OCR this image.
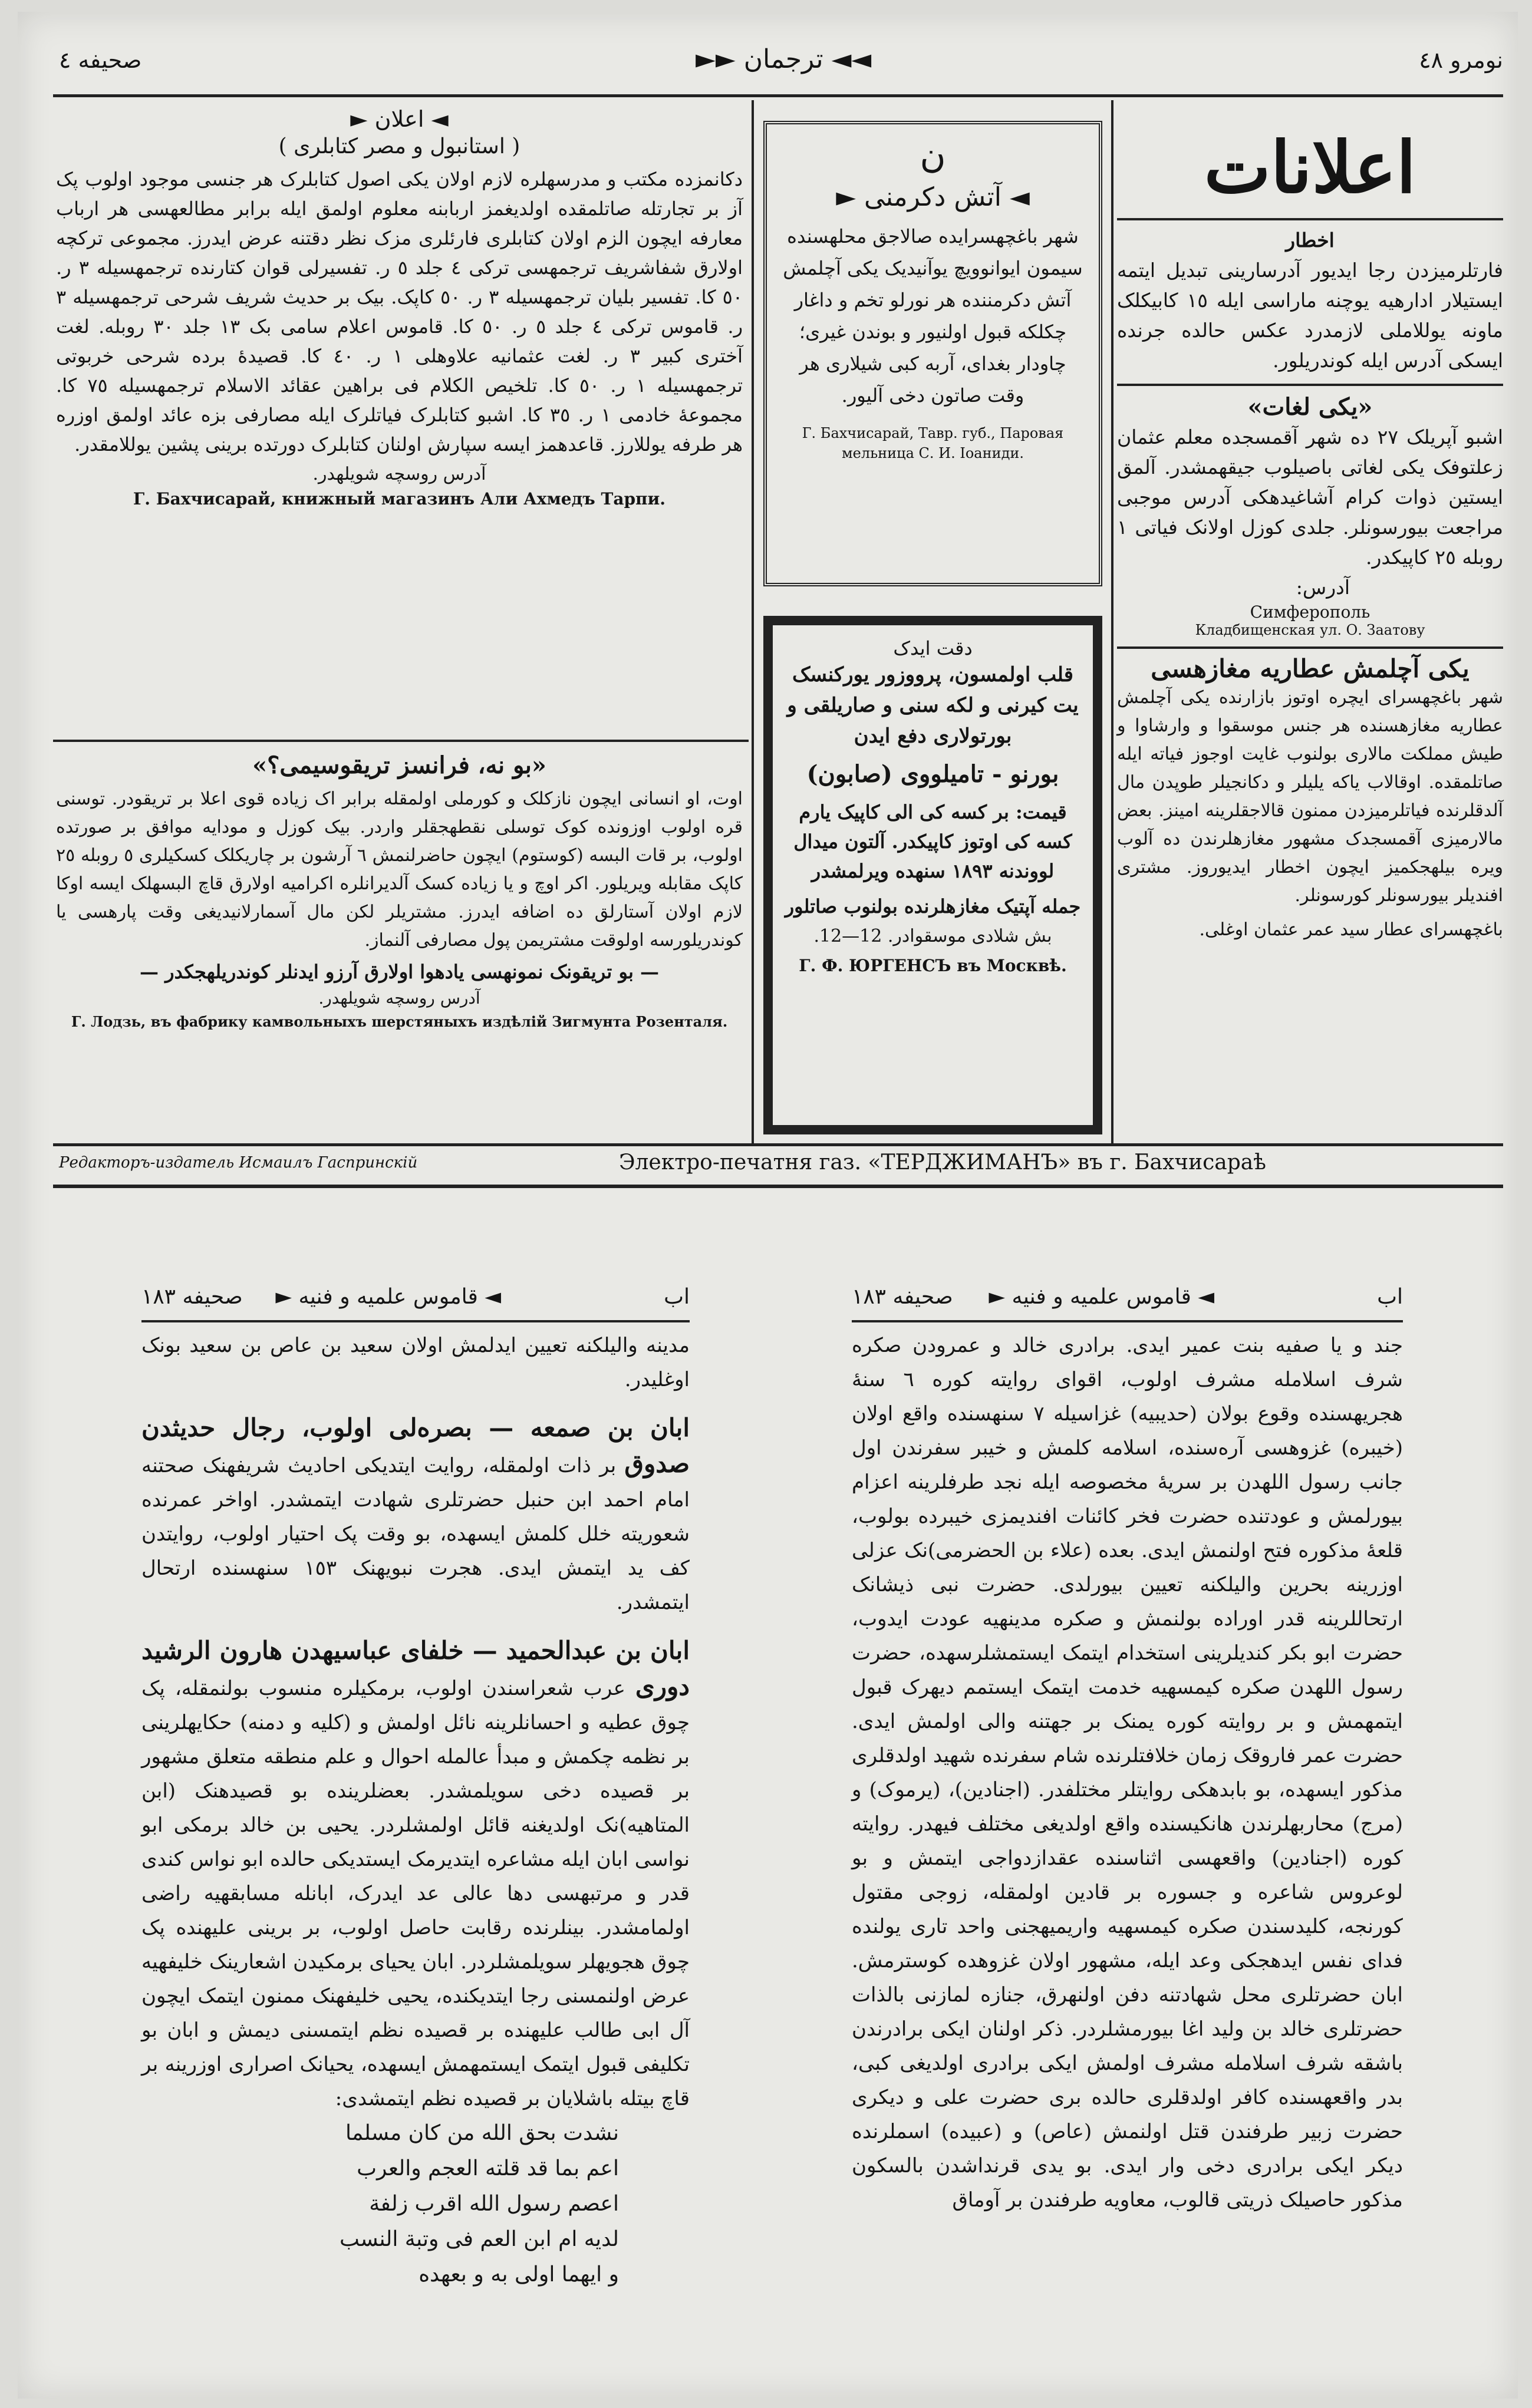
صحیفه ٤	◄◄ ترجمان ►►	نومرو ٤٨
اعلانات
اخطار
فارتلرمیزدن رجا ایدیور آدرسارینی تبدیل ایتمه ایستیلار ادارهیه یوچنه ماراسی ایله ١٥ کابیکلک ماونه یوللاملی لازمدرد عکس حالده جرنده ایسکی آدرس ایله کوندریلور.
«یکی لغات»
اشبو آپریلک ٢٧ ده شهر آقمسجده معلم عثمان زعلتوفک یکی لغاتی باصیلوب جیقهمشدر. آلمق ایستین ذوات کرام آشاغیدهکی آدرس موجبی مراجعت بیورسونلر. جلدی کوزل اولانک فیاتی ١ روبله ٢٥ کاپیکدر.
آدرس:
Симферополь
Кладбищенская ул. О. Заатову
یکی آچلمش عطاریه مغازهسی
شهر باغچهسرای ایچره اوتوز بازارنده یکی آچلمش عطاریه مغازهسنده هر جنس موسقوا و وارشاوا و طیش مملکت مالاری بولنوب غایت اوجوز فیاته ایله صاتلمقده. اوقالاب یاکه یلیلر و دکانجیلر طوپدن مال آلدقلرنده فیاتلرمیزدن ممنون قالاجقلرینه امینز. بعض مالارمیزی آقمسجدک مشهور مغازهلرندن ده آلوب ویره بیلهجکمیز ایچون اخطار ایدیوروز. مشتری افندیلر بیورسونلر کورسونلر.
باغچهسرای عطار سید عمر عثمان اوغلی.
ن
◄ آتش دکرمنی ►
شهر باغچهسرایده صالاجق محلهسنده سیمون ایوانوویچ یوآنیدیک یکی آچلمش آتش دکرمننده هر نورلو تخم و داغار چکلکه قبول اولنیور و بوندن غیری؛ چاودار بغدای، آربه کبی شیلاری هر وقت صاتون دخی آلیور.
Г. Бахчисарай, Тавр. губ., Паровая мельница С. И. Іоаниди.
دقت ایدک
قلب اولمسون، پرووزور یورکنسک یت کیرنی و لکه سنی و صاریلقی و بورتولاری دفع ایدن
بورنو - تاميلووی (صابون)
قیمت: بر کسه کی الی کاپیک یارم کسه کی اوتوز کاپیکدر. آلتون میدال لووندنه ١٨٩٣ سنهده ویرلمشدر
جمله آپتیک مغازهلرنده بولنوب صاتلور
بش شلادی موسقوادر. 12—12.
Г. Ф. ЮРГЕНСЪ въ Москвѣ.
◄ اعلان ►
( استانبول و مصر کتابلری )
دکانمزده مکتب و مدرسهلره لازم اولان یکی اصول کتابلرک هر جنسی موجود اولوب پک آز بر تجارتله صاتلمقده اولدیغمز اربابنه معلوم اولمق ایله برابر مطالعهسی هر ارباب معارفه ایچون الزم اولان کتابلری فارئلری مزک نظر دقتنه عرض ایدرز. مجموعی ترکچه اولارق شفاشریف ترجمهسی ترکی ٤ جلد ٥ ر. تفسیرلی قوان کتارنده ترجمهسیله ٣ ر. ٥٠ کا. تفسیر بلیان ترجمهسیله ٣ ر. ٥٠ کاپک. بیک بر حدیث شریف شرحی ترجمهسیله ٣ ر. قاموس ترکی ٤ جلد ٥ ر. ٥٠ کا. قاموس اعلام سامی بک ١٣ جلد ٣٠ روبله. لغت آختری کبیر ٣ ر. لغت عثمانیه علاوهلی ١ ر. ٤٠ کا. قصیدهٔ برده شرحی خربوتی ترجمهسیله ١ ر. ٥٠ کا. تلخیص الکلام فی براهین عقائد الاسلام ترجمهسیله ٧٥ کا. مجموعهٔ خادمی ١ ر. ٣٥ کا. اشبو کتابلرک فیاتلرک ایله مصارفی بزه عائد اولمق اوزره هر طرفه یوللارز. قاعدهمز ایسه سپارش اولنان کتابلرک دورتده برینی پشین یوللامقدر.
آدرس روسچه شویلهدر.
Г. Бахчисарай, книжный магазинъ Али Ахмедъ Тарпи.
«بو نه، فرانسز تریقوسیمی؟»
اوت، او انسانی ایچون نازکلک و کورملی اولمقله برابر اک زیاده قوی اعلا بر تریقودر. توسنی قره اولوب اوزونده کوک توسلی نقطهجقلر واردر. بیک کوزل و مودایه موافق بر صورتده اولوب، بر قات البسه (کوستوم) ایچون حاضرلنمش ٦ آرشون بر چاریکلک کسکیلری ٥ روبله ٢٥ کاپک مقابله ویریلور. اکر اوچ و یا زیاده کسک آلدیرانلره اکرامیه اولارق قاچ البسهلک ایسه اوکا لازم اولان آستارلق ده اضافه ایدرز. مشتریلر لکن مال آسمارلانیدیغی وقت پارهسی یا کوندریلورسه اولوقت مشتریمن پول مصارفی آلنماز.
— بو تریقونک نمونهسی یادهوا اولارق آرزو ایدنلر کوندریلهجکدر —
آدرس روسچه شویلهدر.
Г. Лодзь, въ фабрику камвольныхъ шерстяныхъ издѣлій Зигмунта Розенталя.
Редакторъ-издатель Исмаилъ Гаспринскій	Электро-печатня газ. «ТЕРДЖИМАНЪ» въ г. Бахчисараѣ
اب
◄ قاموس علمیه و فنیه ►
صحیفه ١٨٣
مدینه والیلکنه تعیین ایدلمش اولان سعید بن عاص بن سعید بونک اوغلیدر.
ابان بن صمعه — بصره‌لی اولوب، رجال حدیثدن صدوق بر ذات اولمقله، روایت ایتدیکی احادیث شریفهنک صحتنه امام احمد ابن حنبل حضرتلری شهادت ایتمشدر. اواخر عمرنده شعوریته خلل کلمش ایسهده، بو وقت پک احتیار اولوب، روایتدن کف ید ایتمش ایدی. هجرت نبویهنک ١٥٣ سنهسنده ارتحال ایتمشدر.
ابان بن عبدالحمید — خلفای عباسیهدن هارون الرشید دوری عرب شعراسندن اولوب، برمکیلره منسوب بولنمقله، پک چوق عطیه و احسانلرینه نائل اولمش و (کلیه و دمنه) حکایهلرینی بر نظمه چکمش و مبدأ عالمله احوال و علم منطقه متعلق مشهور بر قصیده دخی سویلمشدر. بعضلرینده بو قصیدهنک (ابن المتاهیه)نک اولدیغنه قائل اولمشلردر. یحیی بن خالد برمکی ابو نواسی ابان ایله مشاعره ایتدیرمک ایستدیکی حالده ابو نواس کندی قدر و مرتبهسی دها عالی عد ایدرک، ابانله مسابقهیه راضی اولمامشدر. بینلرنده رقابت حاصل اولوب، بر برینی علیهنده پک چوق هجویهلر سویلمشلردر. ابان یحیای برمکیدن اشعارینک خلیفهیه عرض اولنمسنی رجا ایتدیکنده، یحیی خلیفهنک ممنون ایتمک ایچون آل ابی طالب علیهنده بر قصیده نظم ایتمسنی دیمش و ابان بو تکلیفی قبول ایتمک ایستمهمش ایسهده، یحیانک اصراری اوزرینه بر قاچ بیتله باشلایان بر قصیده نظم ایتمشدی:
نشدت بحق الله من کان مسلما
اعم بما قد قلته العجم والعرب
اعصم رسول الله اقرب زلفة
لدیه ام ابن العم فی وتبة النسب
و ایهما اولی به و بعهده
اب
◄ قاموس علمیه و فنیه ►
صحیفه ١٨٣
جند و یا صفیه بنت عمیر ایدی. برادری خالد و عمرودن صکره شرف اسلامله مشرف اولوب، اقوای روایته کوره ٦ سنهٔ هجریهسنده وقوع بولان (حدیبیه) غزاسیله ٧ سنهسنده واقع اولان (خیبره) غزوهسی آره‌سنده، اسلامه کلمش و خیبر سفرندن اول جانب رسول اللهدن بر سریهٔ مخصوصه ایله نجد طرفلرینه اعزام بیورلمش و عودتنده حضرت فخر کائنات افندیمزی خیبرده بولوب، قلعهٔ مذکوره فتح اولنمش ایدی. بعده (علاء بن الحضرمی)نک عزلی اوزرینه بحرین والیلکنه تعیین بیورلدی. حضرت نبی ذیشانک ارتحاللرینه قدر اوراده بولنمش و صکره مدینهیه عودت ایدوب، حضرت ابو بکر کندیلرینی استخدام ایتمک ایستمشلرسهده، حضرت رسول اللهدن صکره کیمسهیه خدمت ایتمک ایستمم دیهرک قبول ایتمهمش و بر روایته کوره یمنک بر جهتنه والی اولمش ایدی. حضرت عمر فاروقک زمان خلافتلرنده شام سفرنده شهید اولدقلری مذکور ایسهده، بو بابدهکی روایتلر مختلفدر. (اجنادین)، (یرموک) و (مرج) محاربهلرندن هانکیسنده واقع اولدیغی مختلف فیهدر. روایته کوره (اجنادین) واقعهسی اثناسنده عقدازدواجی ایتمش و بو لوعروس شاعره و جسوره بر قادین اولمقله، زوجی مقتول کورنجه، کلیدسندن صکره کیمسهیه واریمیهجنی واحد تاری یولنده فدای نفس ایدهجکی وعد ایله، مشهور اولان غزوهده کوسترمش. ابان حضرتلری محل شهادتنه دفن اولنهرق، جنازه لمازنی بالذات حضرتلری خالد بن ولید اغا بیورمشلردر. ذکر اولنان ایکی برادرندن باشقه شرف اسلامله مشرف اولمش ایکی برادری اولدیغی کبی، بدر واقعهسنده کافر اولدقلری حالده بری حضرت علی و دیکری حضرت زبیر طرفندن قتل اولنمش (عاص) و (عبیده) اسملرنده دیکر ایکی برادری دخی وار ایدی. بو یدی قرنداشدن بالسکون مذکور حاصیلک ذریتی قالوب، معاویه طرفندن بر آوماق
